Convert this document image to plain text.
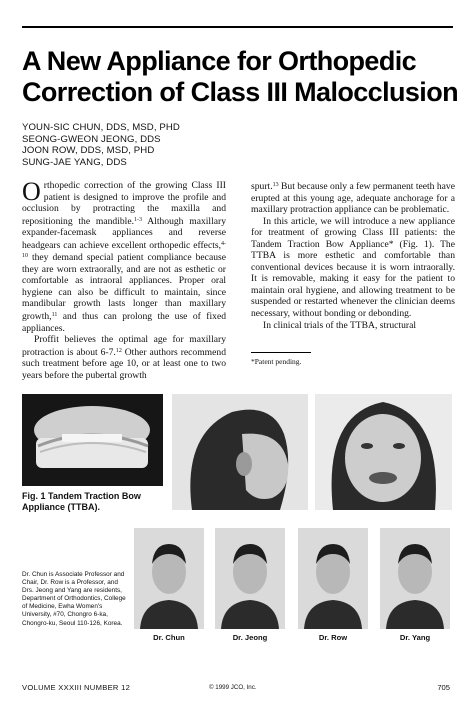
A New Appliance for Orthopedic
Correction of Class III Malocclusion
YOUN-SIC CHUN, DDS, MSD, PHD
SEONG-GWEON JEONG, DDS
JOON ROW, DDS, MSD, PHD
SUNG-JAE YANG, DDS

Orthopedic correction of the growing Class III patient is designed to improve the profile and occlusion by protracting the maxilla and repositioning the mandible.$^{1-3}$ Although maxillary expander-facemask appliances and reverse headgears can achieve excellent orthopedic effects,$^{4-10}$ they demand special patient compliance because they are worn extraorally, and are not as esthetic or comfortable as intraoral appliances. Proper oral hygiene can also be difficult to maintain, since mandibular growth lasts longer than maxillary growth,$^{11}$ and thus can prolong the use of fixed appliances.

Proffit believes the optimal age for maxillary protraction is about 6-7.12 Other authors recommend such treatment before age 10, or at least one to two years before the pubertal growth

spurt.$^{13}$ But because only a few permanent teeth have erupted at this young age, adequate anchorage for a maxillary protraction appliance can be problematic.

In this article, we will introduce a new appliance for treatment of growing Class III patients: the Tandem Traction Bow Appliance* (Fig. 1). The TTBA is more esthetic and comfortable than conventional devices because it is worn intraorally. It is removable, making it easy for the patient to maintain oral hygiene, and allowing treatment to be suspended or restarted whenever the clinician deems necessary, without bonding or debonding.

In clinical trials of the TTBA, structural

*Patent pending.
Fig. 1 Tandem Traction Bow Appliance (TTBA).
Dr. Chun is Associate Professor and Chair, Dr. Row is a Professor, and Drs. Jeong and Yang are residents, Department of Orthodontics, College of Medicine, Ewha Women's University, #70, Chongro 6-ka, Chongro-ku, Seoul 110-126, Korea.
Dr. Chun	Dr. Jeong	Dr. Row	Dr. Yang
VOLUME XXXIII NUMBER 12	© 1999 JCO, Inc.	705
